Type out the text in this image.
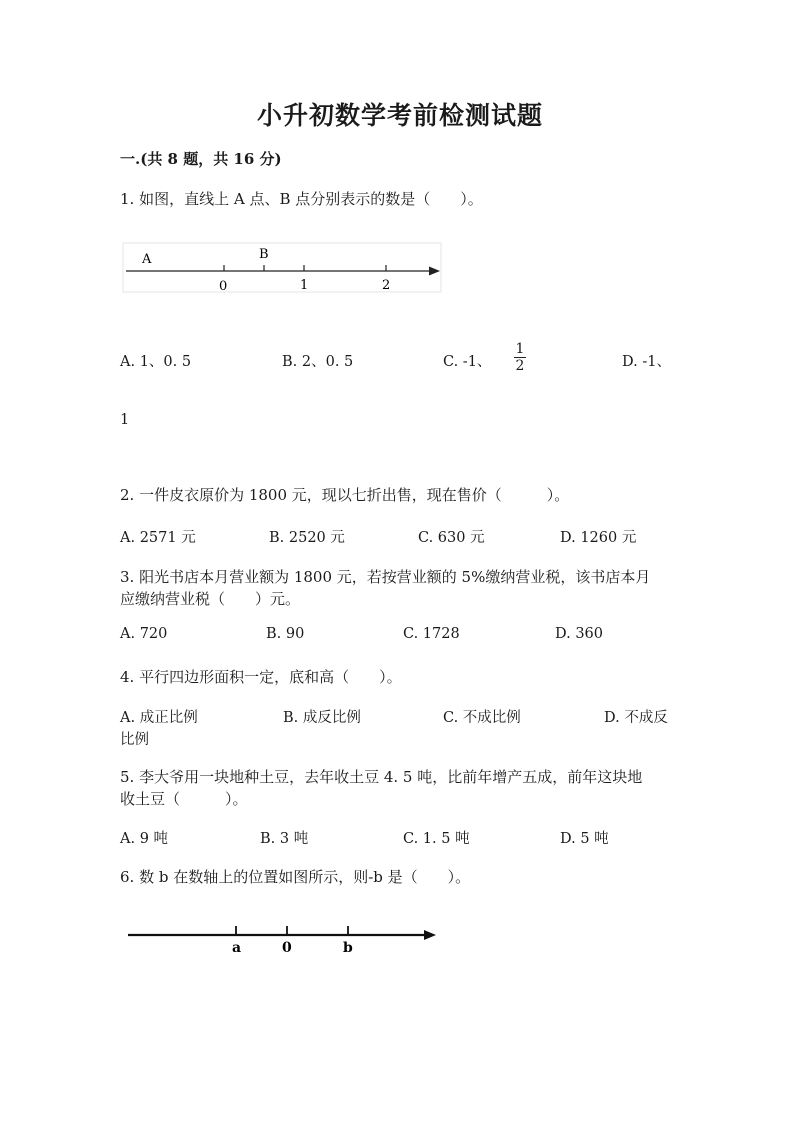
小升初数学考前检测试题
一.(共 8 题，共 16 分)
1. 如图，直线上 A 点、B 点分别表示的数是（　　）。
A	B
0	1	2
A. 1、0. 5	B. 2、0. 5	C. -1、 $\frac{1}{2}$	D. -1、
1
2. 一件皮衣原价为 1800 元，现以七折出售，现在售价（　　　）。
A. 2571 元	B. 2520 元	C. 630 元	D. 1260 元
3. 阳光书店本月营业额为 1800 元，若按营业额的 5%缴纳营业税，该书店本月
应缴纳营业税（　　）元。
A. 720	B. 90	C. 1728	D. 360
4. 平行四边形面积一定，底和高（　　）。
A. 成正比例	B. 成反比例	C. 不成比例	D. 不成反
比例
5. 李大爷用一块地种土豆，去年收土豆 4. 5 吨，比前年增产五成，前年这块地
收土豆（　　　）。
A. 9 吨	B. 3 吨	C. 1. 5 吨	D. 5 吨
6. 数 b 在数轴上的位置如图所示，则-b 是（　　）。
a	0	b
